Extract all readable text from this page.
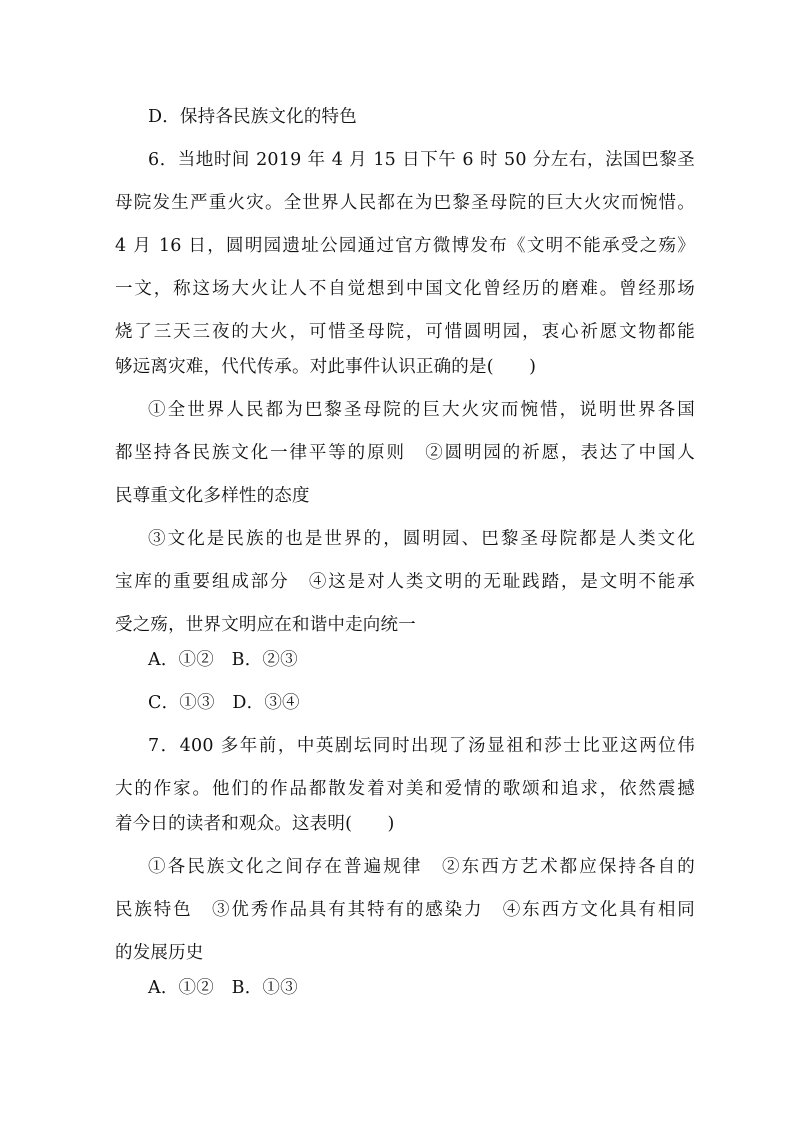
D．保持各民族文化的特色
6．当地时间 2019 年 4 月 15 日下午 6 时 50 分左右，法国巴黎圣
母院发生严重火灾。全世界人民都在为巴黎圣母院的巨大火灾而惋惜。
4 月 16 日，圆明园遗址公园通过官方微博发布《文明不能承受之殇》
一文，称这场大火让人不自觉想到中国文化曾经历的磨难。曾经那场
烧了三天三夜的大火，可惜圣母院，可惜圆明园，衷心祈愿文物都能
够远离灾难，代代传承。对此事件认识正确的是(　　)
①全世界人民都为巴黎圣母院的巨大火灾而惋惜，说明世界各国
都坚持各民族文化一律平等的原则　②圆明园的祈愿，表达了中国人
民尊重文化多样性的态度
③文化是民族的也是世界的，圆明园、巴黎圣母院都是人类文化
宝库的重要组成部分　④这是对人类文明的无耻践踏，是文明不能承
受之殇，世界文明应在和谐中走向统一
A．①②　B．②③
C．①③　D．③④
7．400 多年前，中英剧坛同时出现了汤显祖和莎士比亚这两位伟
大的作家。他们的作品都散发着对美和爱情的歌颂和追求，依然震撼
着今日的读者和观众。这表明(　　)
①各民族文化之间存在普遍规律　②东西方艺术都应保持各自的
民族特色　③优秀作品具有其特有的感染力　④东西方文化具有相同
的发展历史
A．①②　B．①③
